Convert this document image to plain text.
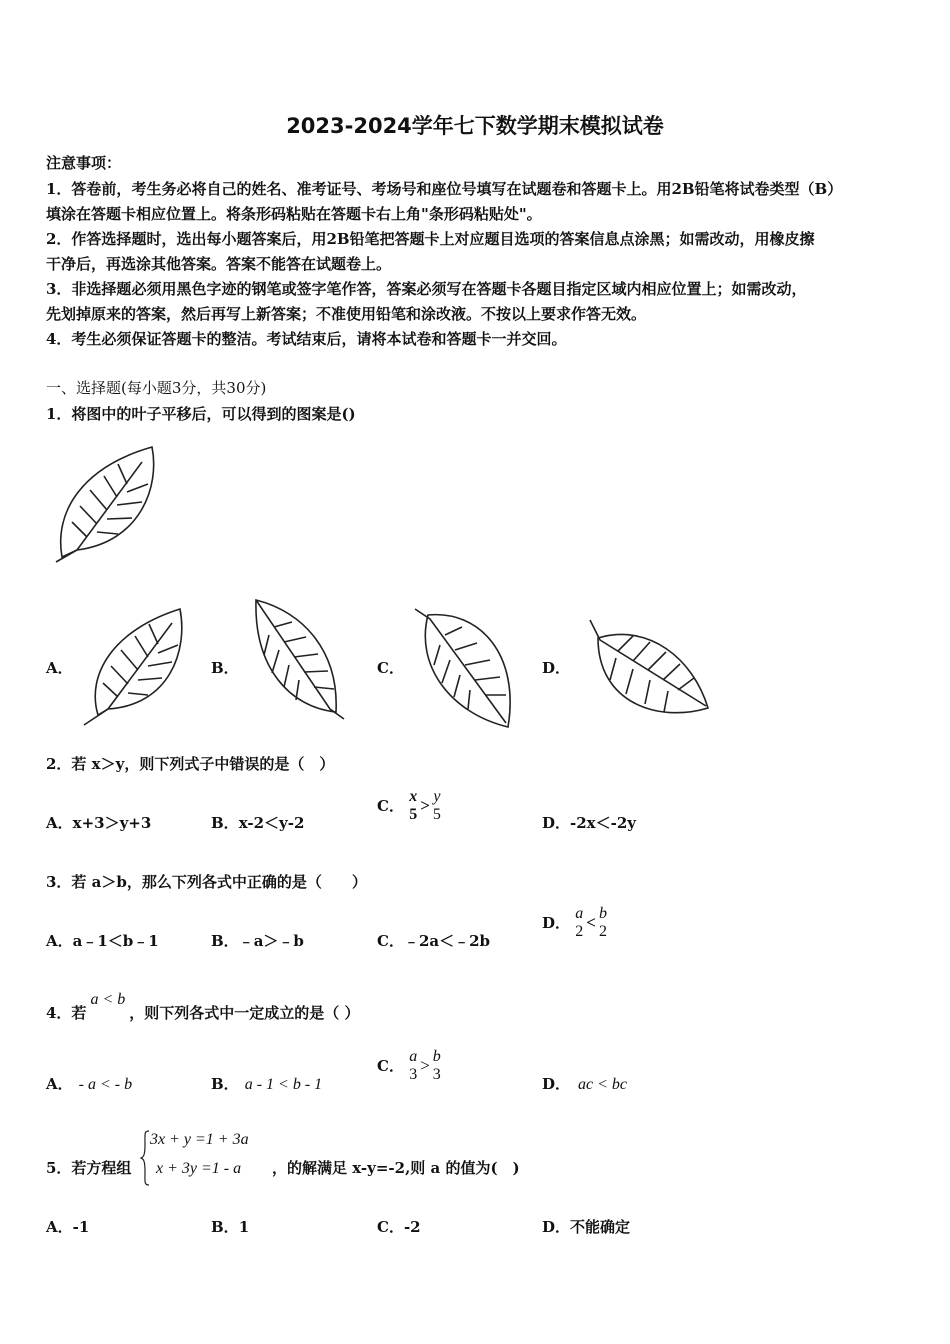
2023-2024学年七下数学期末模拟试卷
注意事项：
1．答卷前，考生务必将自己的姓名、准考证号、考场号和座位号填写在试题卷和答题卡上。用2B铅笔将试卷类型（B）
填涂在答题卡相应位置上。将条形码粘贴在答题卡右上角"条形码粘贴处"。
2．作答选择题时，选出每小题答案后，用2B铅笔把答题卡上对应题目选项的答案信息点涂黑；如需改动，用橡皮擦
干净后，再选涂其他答案。答案不能答在试题卷上。
3．非选择题必须用黑色字迹的钢笔或签字笔作答，答案必须写在答题卡各题目指定区域内相应位置上；如需改动，
先划掉原来的答案，然后再写上新答案；不准使用铅笔和涂改液。不按以上要求作答无效。
4．考生必须保证答题卡的整洁。考试结束后，请将本试卷和答题卡一并交回。
一、选择题(每小题3分，共30分)
1．将图中的叶子平移后，可以得到的图案是()
A．	B．	C．	D．
2．若 x＞y，则下列式子中错误的是（　）
A．x+3＞y+3	B．x-2＜y-2
C．
x
5 > y
5	D．-2x＜-2y
3．若 a＞b，那么下列各式中正确的是（　　）
A．a﹣1＜b﹣1	B．﹣a＞﹣b	C．﹣2a＜﹣2b
D．
a
2 < b
2
4．若a < b，则下列各式中一定成立的是（ ）
A． - a < - b	B． a - 1 < b - 1
C．
a
3 > b
3
D． ac < bc
5．若方程组
3x + y =1 + 3a
x + 3y =1 - a ，的解满足 x-y=-2,则 a 的值为(　)
A．-1	B．1	C．-2	D．不能确定
